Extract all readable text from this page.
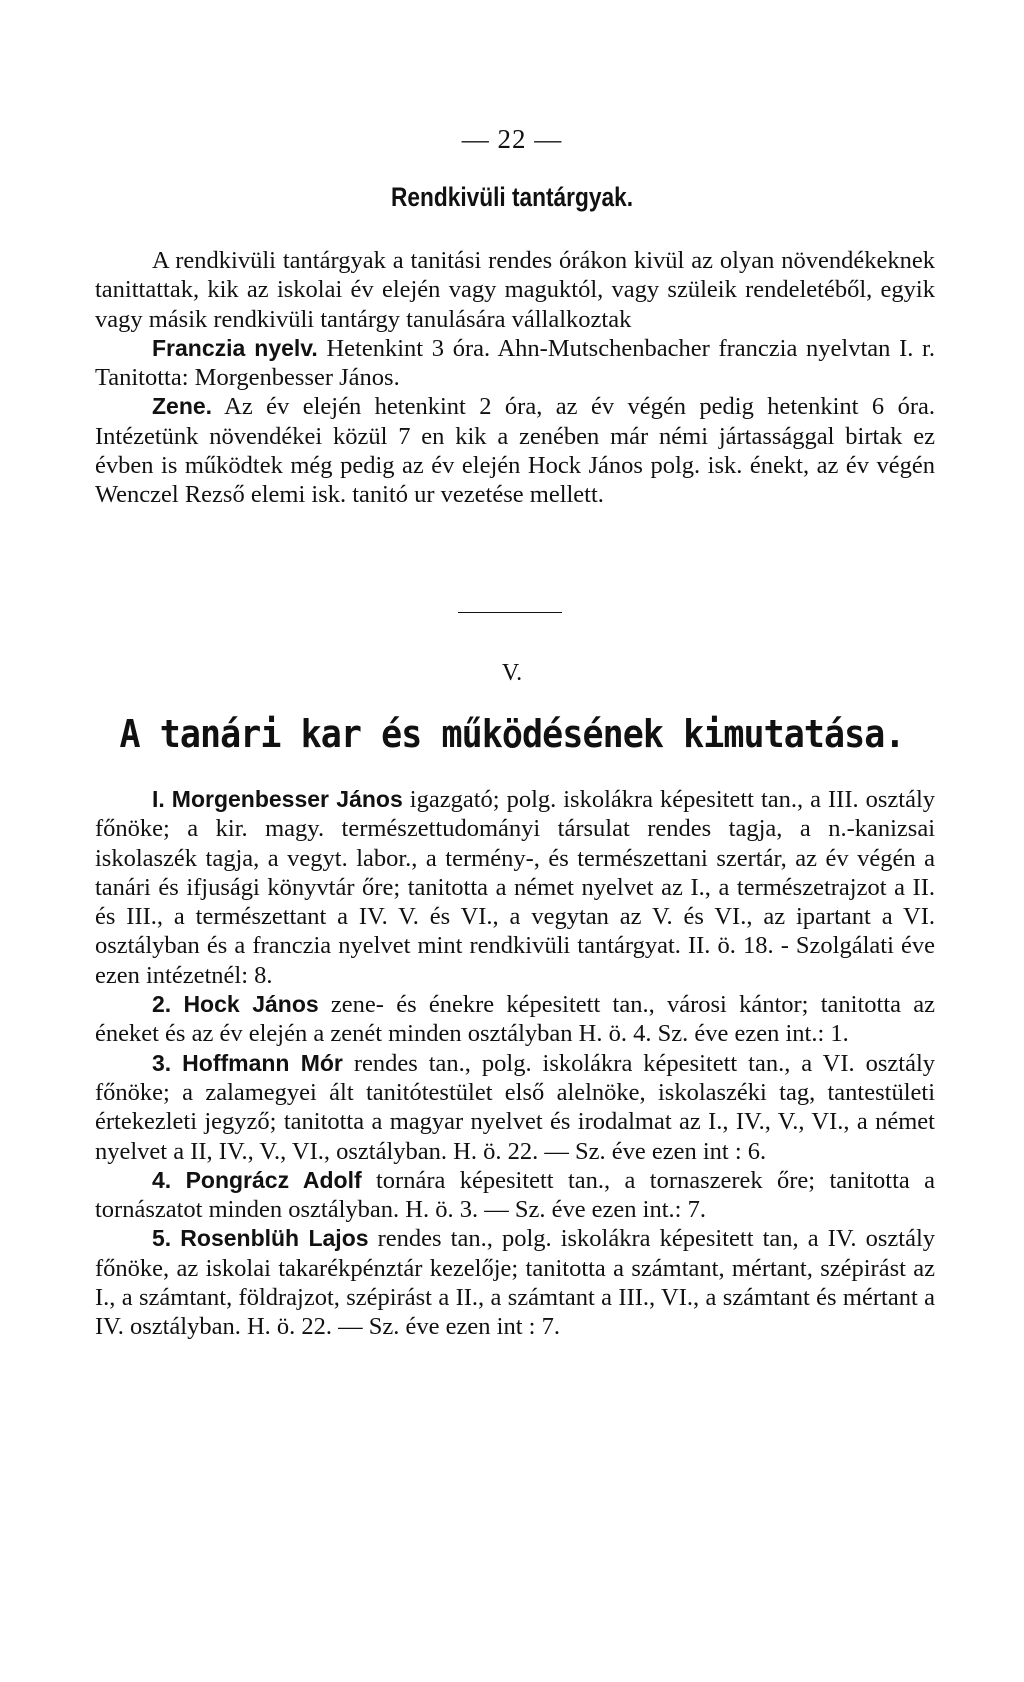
— 22 —
Rendkivüli tantárgyak.

A rendkivüli tantárgyak a tanitási rendes órákon kivül az olyan növendékeknek tanittattak, kik az iskolai év elején vagy maguktól, vagy szüleik rendeletéből, egyik vagy másik rendkivüli tantárgy tanulására vállalkoztak

Franczia nyelv. Hetenkint 3 óra. Ahn-Mutschenbacher franczia nyelvtan I. r. Tanitotta: Morgenbesser János.

Zene. Az év elején hetenkint 2 óra, az év végén pedig hetenkint 6 óra. Intézetünk növendékei közül 7 en kik a zenében már némi jártassággal birtak ez évben is működtek még pedig az év elején Hock János polg. isk. énekt, az év végén Wenczel Rezső elemi isk. tanitó ur vezetése mellett.

V.
A tanári kar és működésének kimutatása.

I. Morgenbesser János igazgató; polg. iskolákra képesitett tan., a III. osztály főnöke; a kir. magy. természettudományi társulat rendes tagja, a n.-kanizsai iskolaszék tagja, a vegyt. labor., a termény-, és természettani szertár, az év végén a tanári és ifjusági könyvtár őre; tanitotta a német nyelvet az I., a természetrajzot a II. és III., a természettant a IV. V. és VI., a vegytan az V. és VI., az ipartant a VI. osztályban és a franczia nyelvet mint rendkivüli tantárgyat. II. ö. 18. - Szolgálati éve ezen intézetnél: 8.

2. Hock János zene- és énekre képesitett tan., városi kántor; tanitotta az éneket és az év elején a zenét minden osztályban H. ö. 4. Sz. éve ezen int.: 1.

3. Hoffmann Mór rendes tan., polg. iskolákra képesitett tan., a VI. osztály főnöke; a zalamegyei ált tanitótestület első alelnöke, iskolaszéki tag, tantestületi értekezleti jegyző; tanitotta a magyar nyelvet és irodalmat az I., IV., V., VI., a német nyelvet a II, IV., V., VI., osztályban. H. ö. 22. — Sz. éve ezen int : 6.

4. Pongrácz Adolf tornára képesitett tan., a tornaszerek őre; tanitotta a tornászatot minden osztályban. H. ö. 3. — Sz. éve ezen int.: 7.

5. Rosenblüh Lajos rendes tan., polg. iskolákra képesitett tan, a IV. osztály főnöke, az iskolai takarékpénztár kezelője; tanitotta a számtant, mértant, szépirást az I., a számtant, földrajzot, szépirást a II., a számtant a III., VI., a számtant és mértant a IV. osztályban. H. ö. 22. — Sz. éve ezen int : 7.
